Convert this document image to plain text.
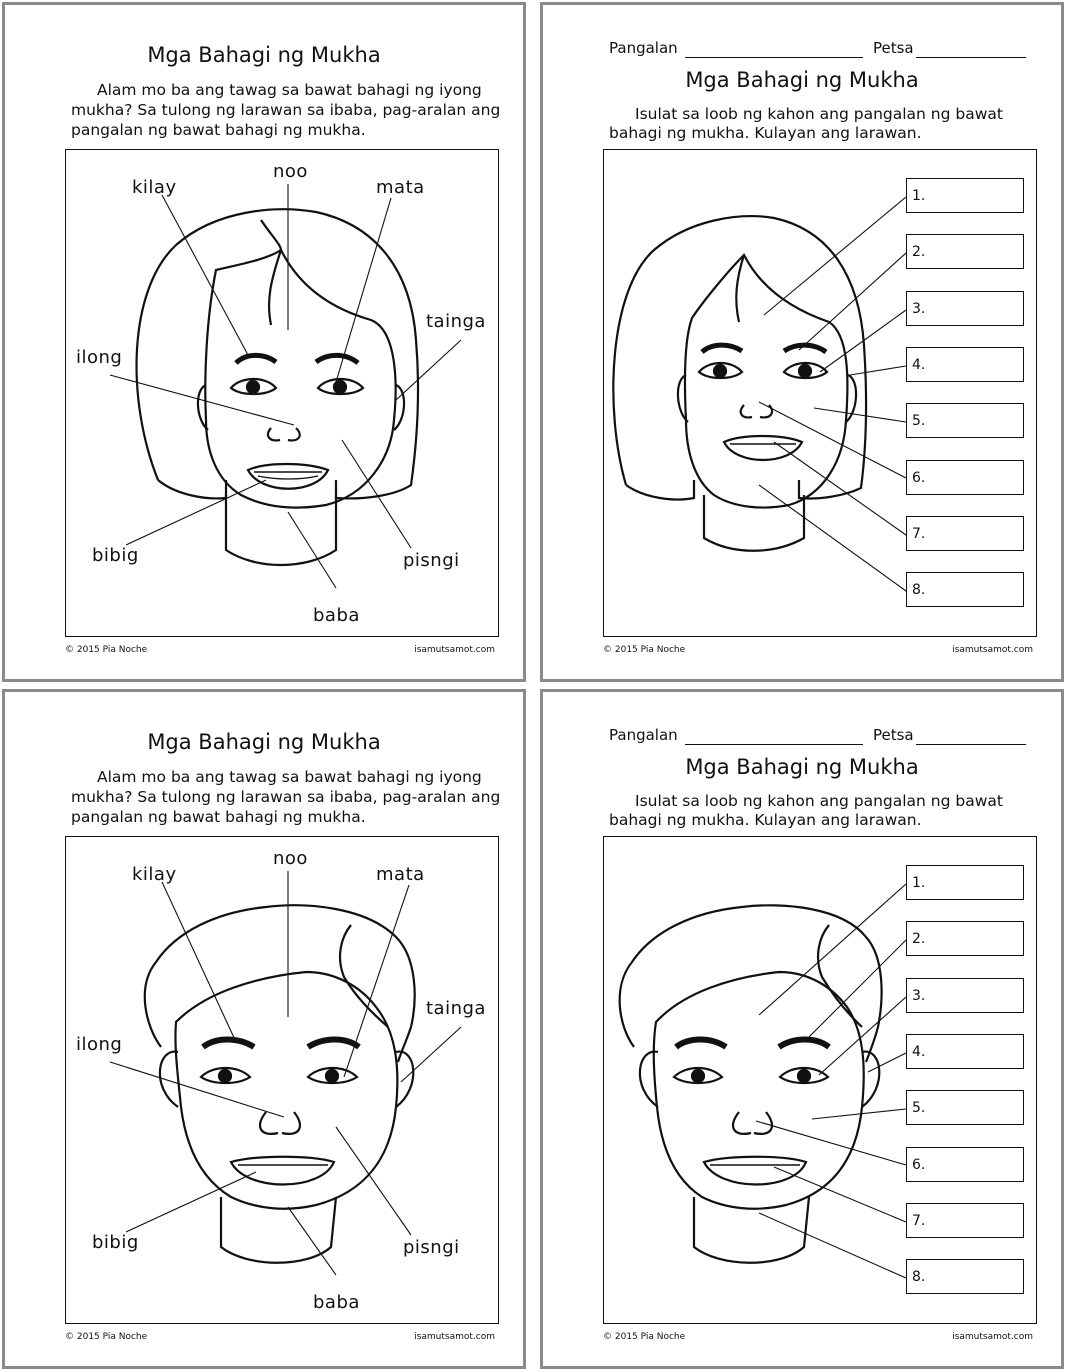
Mga Bahagi ng Mukha
Alam mo ba ang tawag sa bawat bahagi ng iyong
mukha? Sa tulong ng larawan sa ibaba, pag-aralan ang
pangalan ng bawat bahagi ng mukha.
noo
kilay	mata
tainga
ilong
bibig	pisngi
baba
© 2015 Pia Noche	isamutsamot.com
Pangalan	Petsa
Mga Bahagi ng Mukha
Isulat sa loob ng kahon ang pangalan ng bawat
bahagi ng mukha. Kulayan ang larawan.
1.
2.
3.
4.
5.
6.
7.
8.
© 2015 Pia Noche	isamutsamot.com
Mga Bahagi ng Mukha
Alam mo ba ang tawag sa bawat bahagi ng iyong
mukha? Sa tulong ng larawan sa ibaba, pag-aralan ang
pangalan ng bawat bahagi ng mukha.
noo
kilay	mata
tainga
ilong
bibig	pisngi
baba
© 2015 Pia Noche	isamutsamot.com
Pangalan	Petsa
Mga Bahagi ng Mukha
Isulat sa loob ng kahon ang pangalan ng bawat
bahagi ng mukha. Kulayan ang larawan.
1.
2.
3.
4.
5.
6.
7.
8.
© 2015 Pia Noche	isamutsamot.com
